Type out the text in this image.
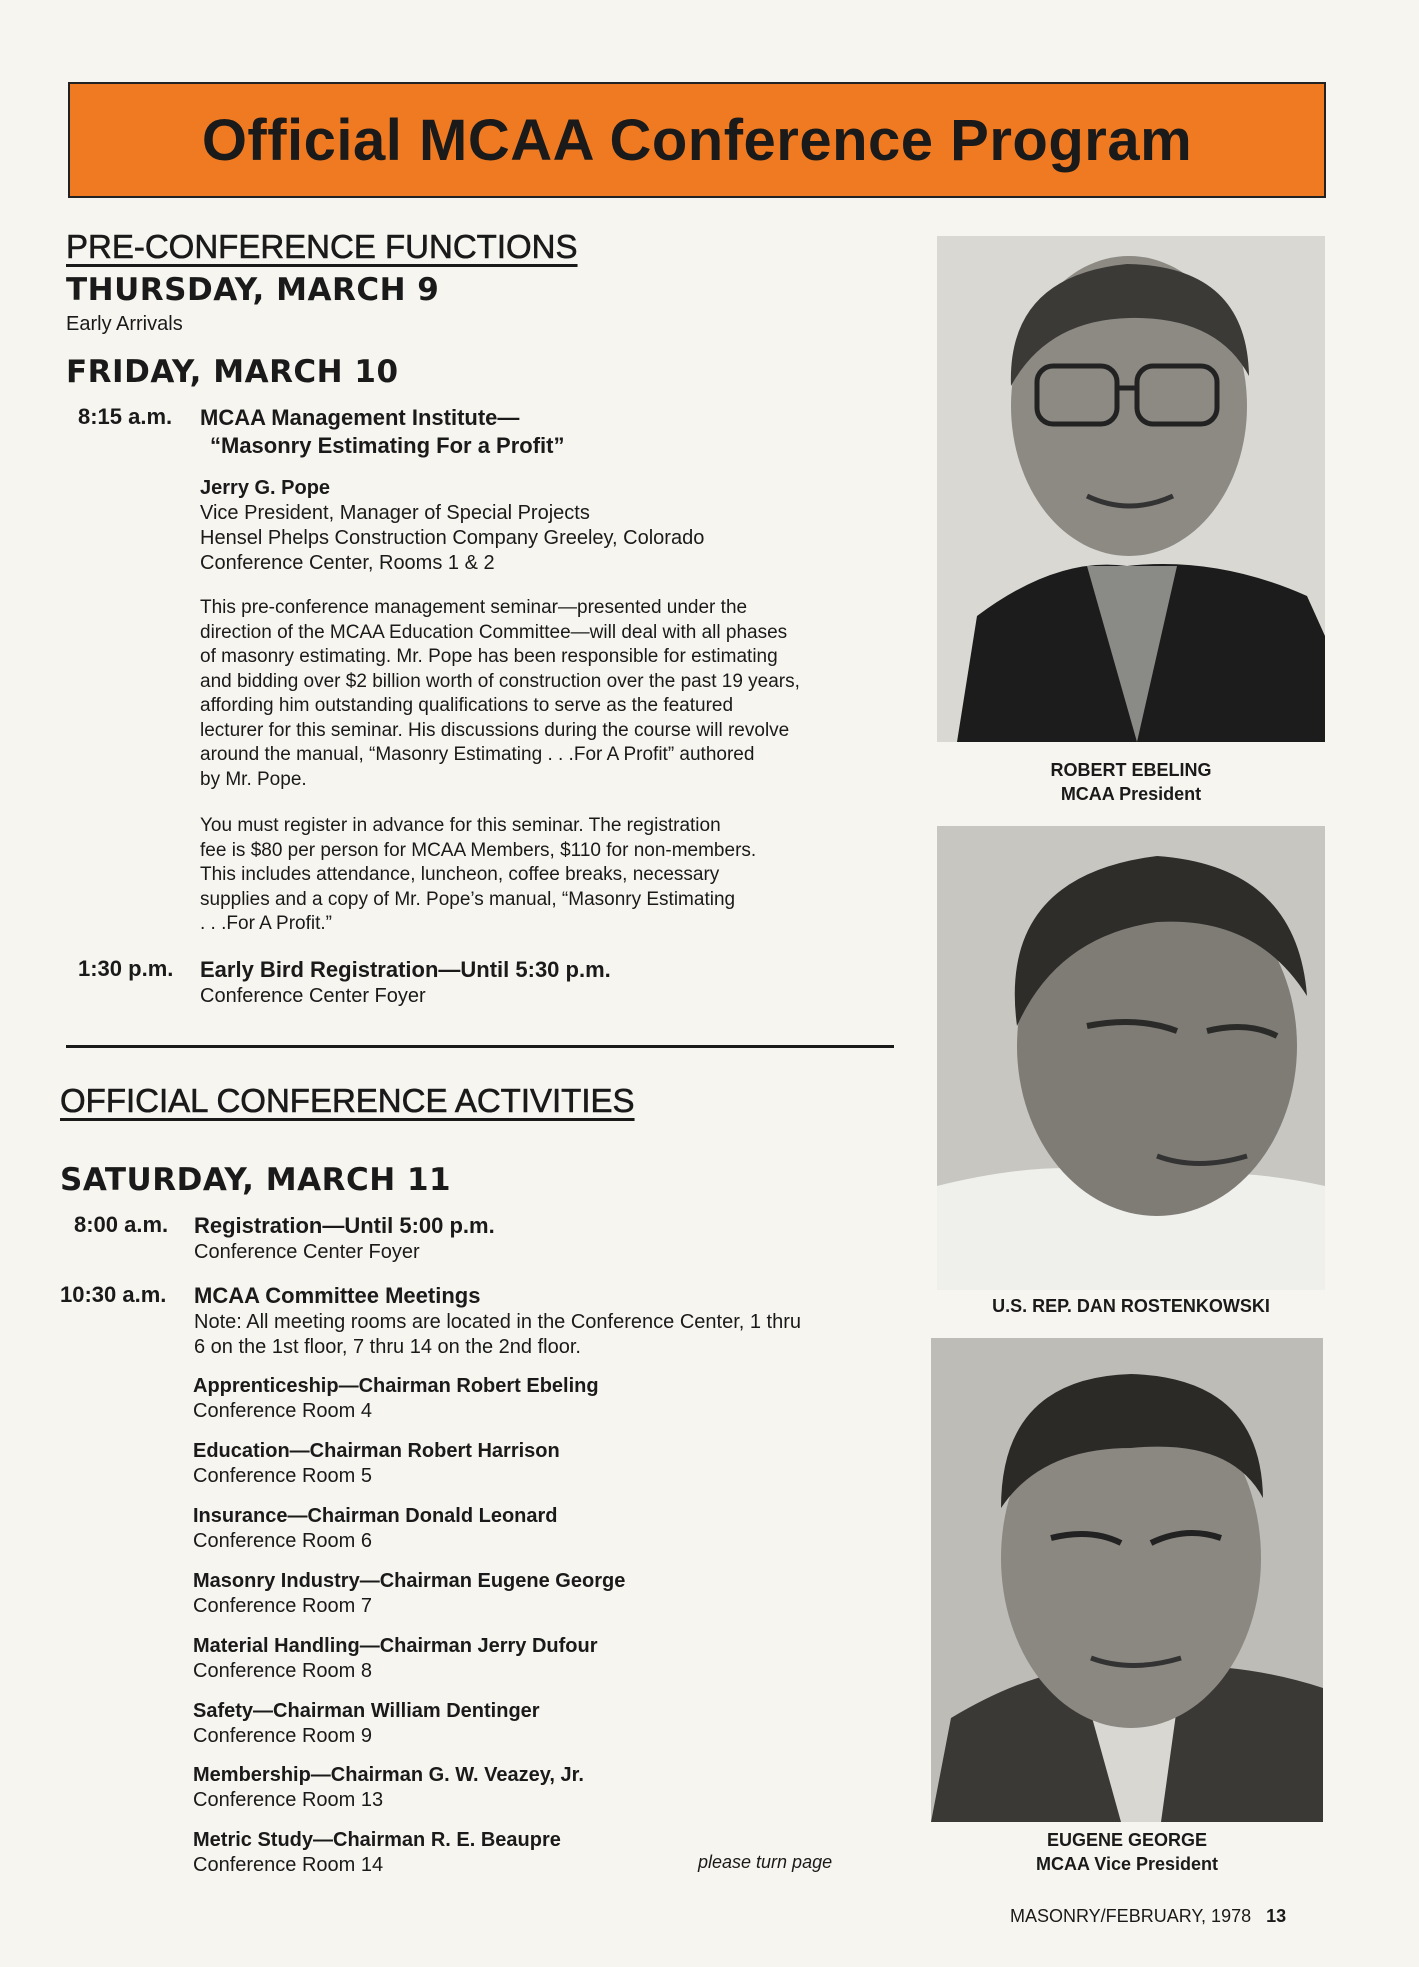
Official MCAA Conference Program
PRE-CONFERENCE FUNCTIONS
THURSDAY, MARCH 9
Early Arrivals
FRIDAY, MARCH 10
8:15 a.m. MCAA Management Institute—
“Masonry Estimating For a Profit”
Jerry G. Pope
Vice President, Manager of Special Projects
Hensel Phelps Construction Company Greeley, Colorado
Conference Center, Rooms 1 & 2
This pre-conference management seminar—presented under the
direction of the MCAA Education Committee—will deal with all phases
of masonry estimating. Mr. Pope has been responsible for estimating
and bidding over $2 billion worth of construction over the past 19 years,
affording him outstanding qualifications to serve as the featured
lecturer for this seminar. His discussions during the course will revolve
around the manual, “Masonry Estimating . . .For A Profit” authored
by Mr. Pope.
You must register in advance for this seminar. The registration
fee is $80 per person for MCAA Members, $110 for non-members.
This includes attendance, luncheon, coffee breaks, necessary
supplies and a copy of Mr. Pope’s manual, “Masonry Estimating
. . .For A Profit.”
1:30 p.m. Early Bird Registration—Until 5:30 p.m.
Conference Center Foyer
OFFICIAL CONFERENCE ACTIVITIES
SATURDAY, MARCH 11
8:00 a.m. Registration—Until 5:00 p.m.
Conference Center Foyer
10:30 a.m. MCAA Committee Meetings
Note: All meeting rooms are located in the Conference Center, 1 thru
6 on the 1st floor, 7 thru 14 on the 2nd floor.
Apprenticeship—Chairman Robert Ebeling
Conference Room 4
Education—Chairman Robert Harrison
Conference Room 5
Insurance—Chairman Donald Leonard
Conference Room 6
Masonry Industry—Chairman Eugene George
Conference Room 7
Material Handling—Chairman Jerry Dufour
Conference Room 8
Safety—Chairman William Dentinger
Conference Room 9
Membership—Chairman G. W. Veazey, Jr.
Conference Room 13
Metric Study—Chairman R. E. Beaupre
Conference Room 14	please turn page
ROBERT EBELING
MCAA President
U.S. REP. DAN ROSTENKOWSKI
EUGENE GEORGE
MCAA Vice President
MASONRY/FEBRUARY, 1978 13
